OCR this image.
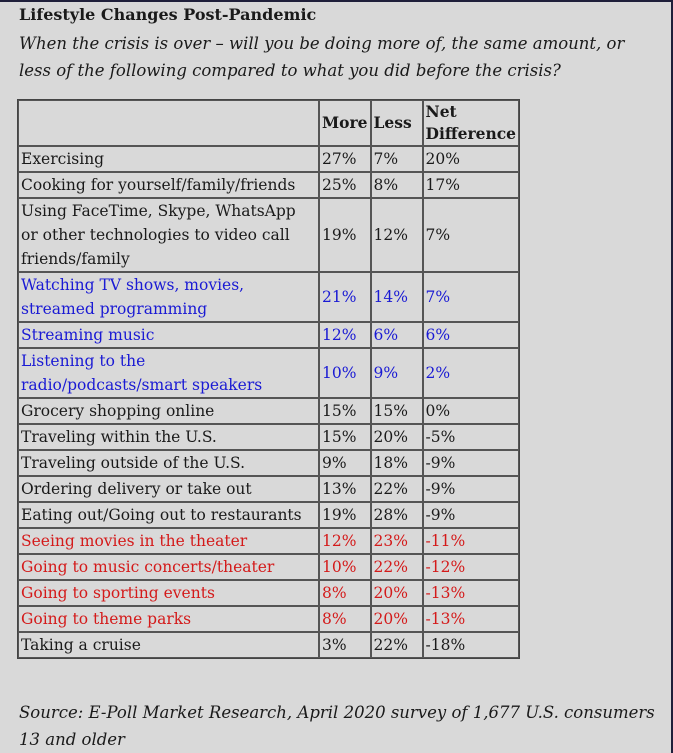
Lifestyle Changes Post-Pandemic
When the crisis is over – will you be doing more of, the same amount, or less of the following compared to what you did before the crisis?
	More	Less	Net Difference
Exercising	27%	7%	20%
Cooking for yourself/family/friends	25%	8%	17%
Using FaceTime, Skype, WhatsApp or other technologies to video call friends/family	19%	12%	7%
Watching TV shows, movies, streamed programming	21%	14%	7%
Streaming music	12%	6%	6%
Listening to the radio/podcasts/smart speakers	10%	9%	2%
Grocery shopping online	15%	15%	0%
Traveling within the U.S.	15%	20%	-5%
Traveling outside of the U.S.	9%	18%	-9%
Ordering delivery or take out	13%	22%	-9%
Eating out/Going out to restaurants	19%	28%	-9%
Seeing movies in the theater	12%	23%	-11%
Going to music concerts/theater	10%	22%	-12%
Going to sporting events	8%	20%	-13%
Going to theme parks	8%	20%	-13%
Taking a cruise	3%	22%	-18%
Source: E-Poll Market Research, April 2020 survey of 1,677 U.S. consumers 13 and older
